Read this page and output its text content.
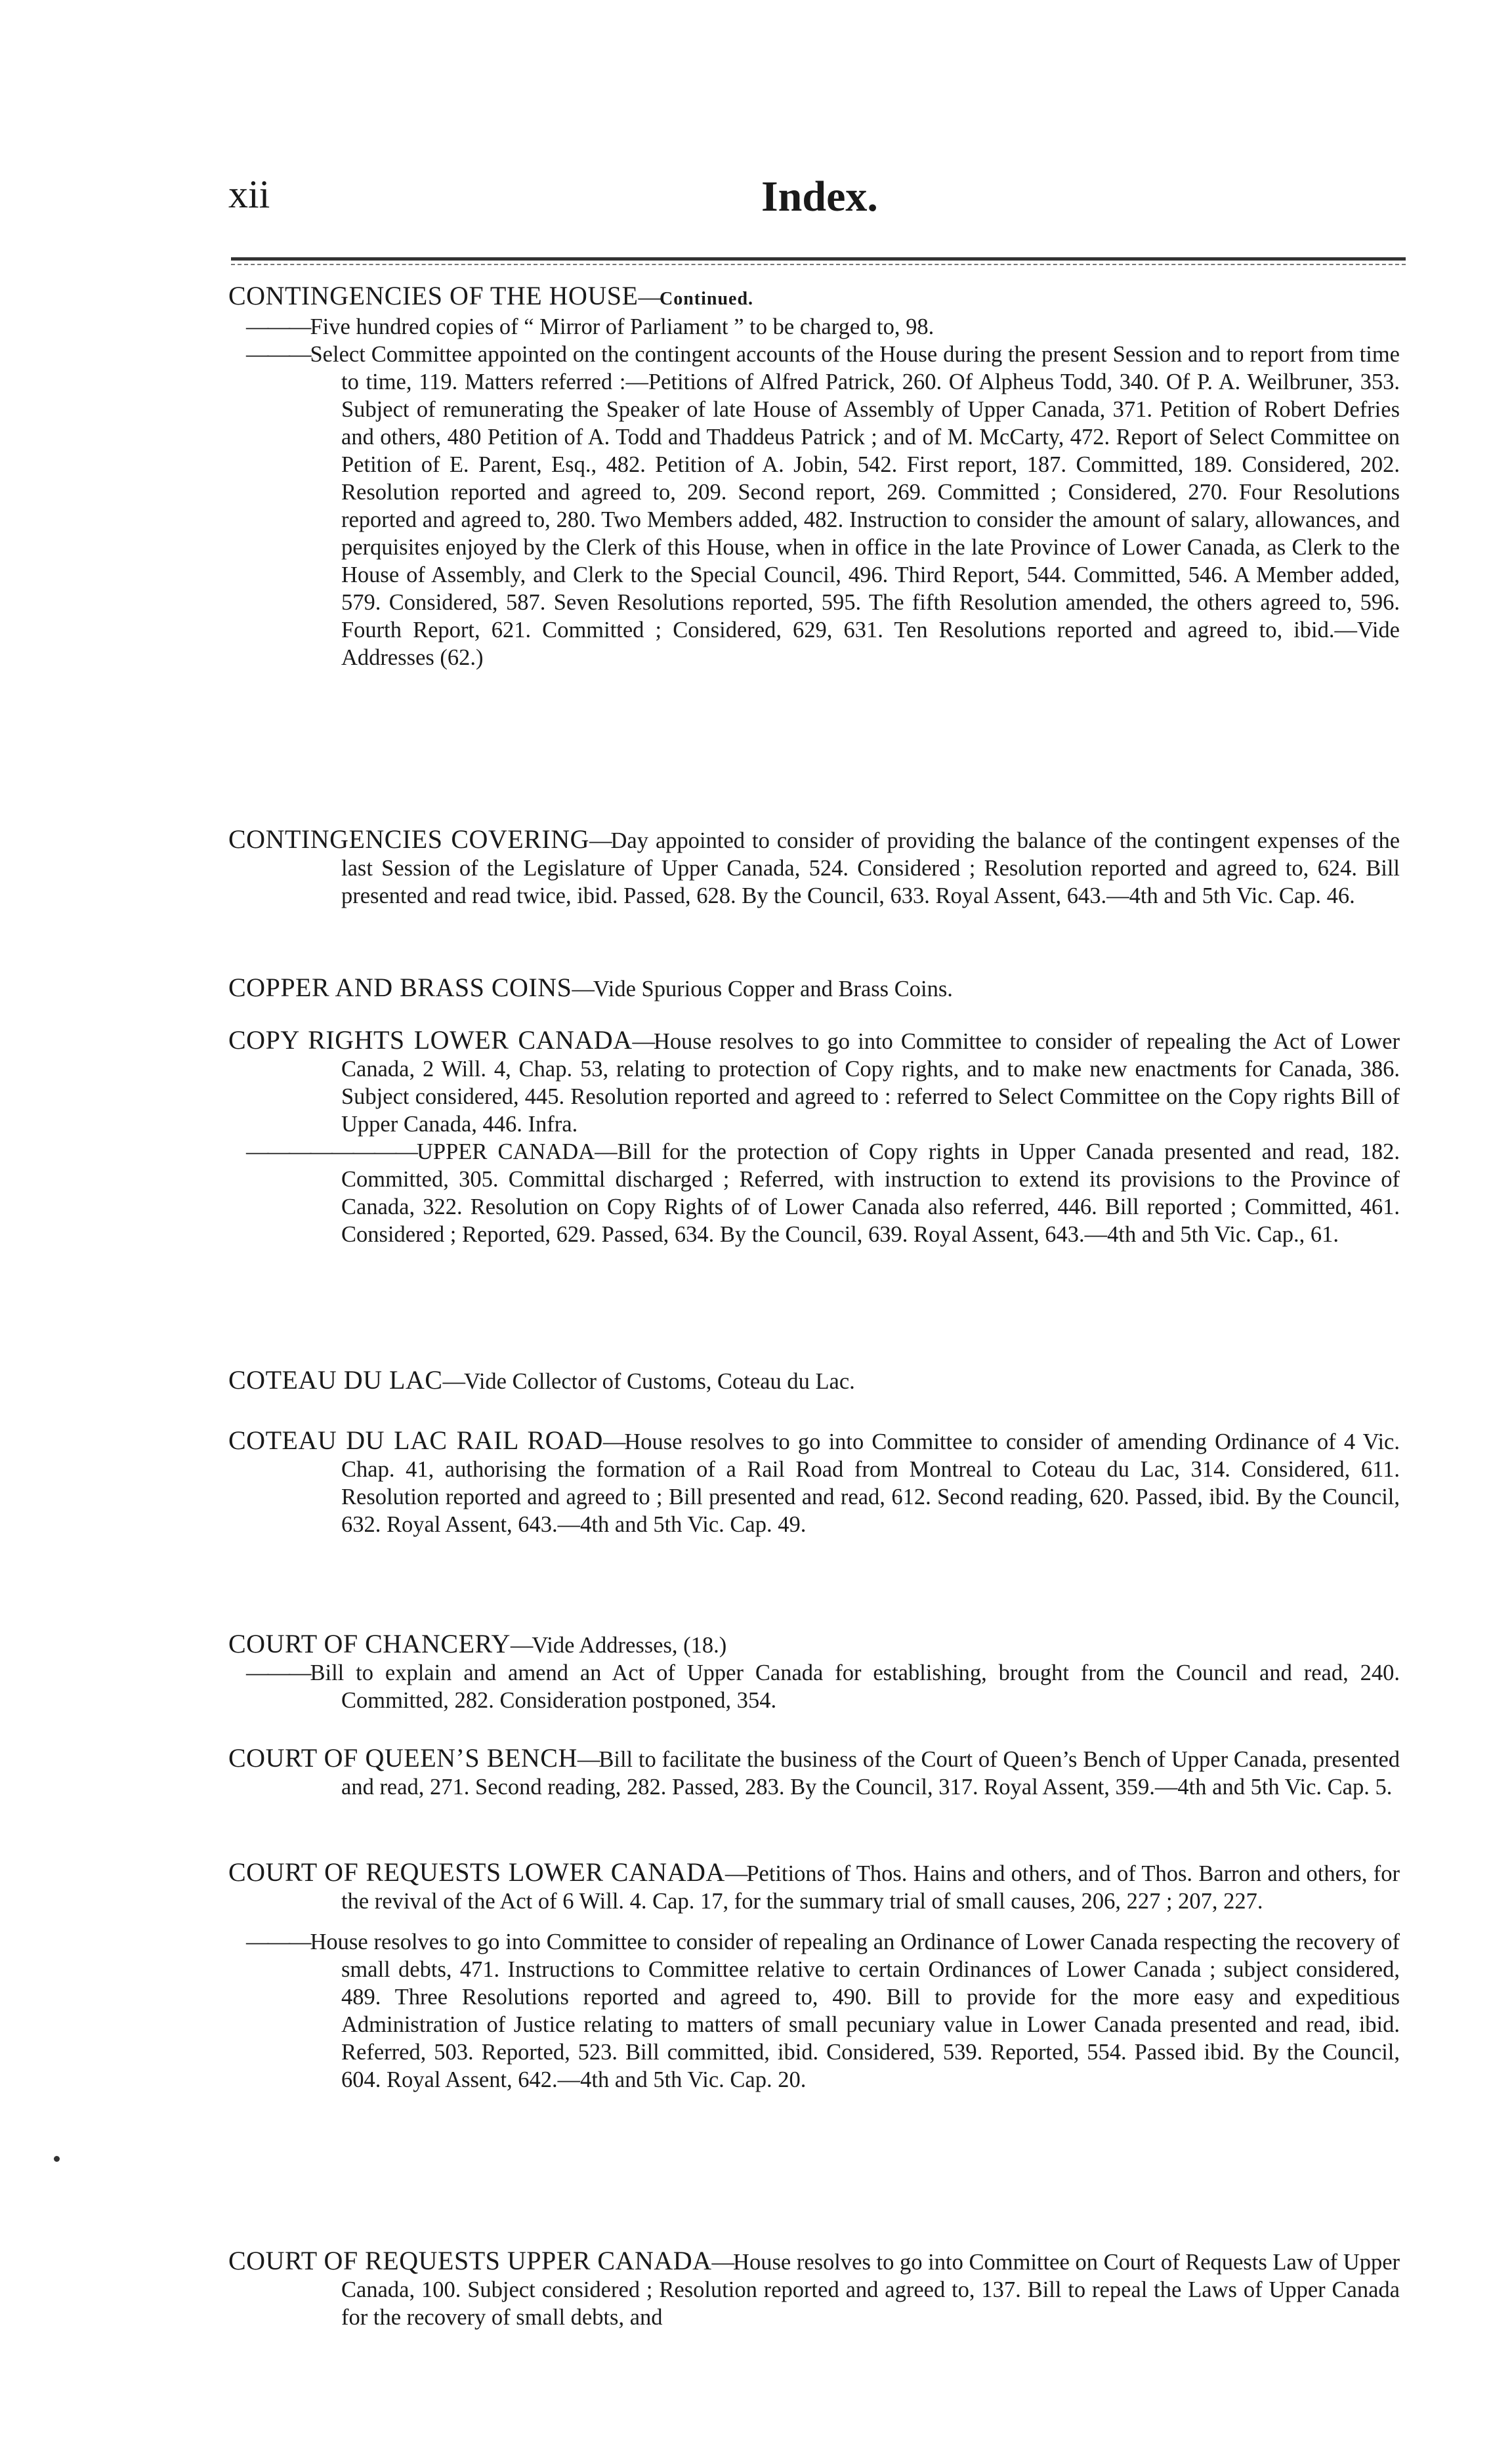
xii	Index.

CONTINGENCIES OF THE HOUSE—Continued.

———Five hundred copies of “ Mirror of Parliament ” to be charged to, 98.

———Select Committee appointed on the contingent accounts of the House during the present Session and to report from time to time, 119. Matters referred :—Petitions of Alfred Patrick, 260. Of Alpheus Todd, 340. Of P. A. Weilbruner, 353. Subject of remunerating the Speaker of late House of Assembly of Upper Canada, 371. Petition of Robert Defries and others, 480 Petition of A. Todd and Thaddeus Patrick ; and of M. McCarty, 472. Report of Select Committee on Petition of E. Parent, Esq., 482. Petition of A. Jobin, 542. First report, 187. Committed, 189. Considered, 202. Resolution reported and agreed to, 209. Second report, 269. Committed ; Considered, 270. Four Resolutions reported and agreed to, 280. Two Members added, 482. Instruction to consider the amount of salary, allowances, and perquisites enjoyed by the Clerk of this House, when in office in the late Province of Lower Canada, as Clerk to the House of Assembly, and Clerk to the Special Council, 496. Third Report, 544. Committed, 546. A Member added, 579. Considered, 587. Seven Resolutions reported, 595. The fifth Resolution amended, the others agreed to, 596. Fourth Report, 621. Committed ; Considered, 629, 631. Ten Resolutions reported and agreed to, ibid.—Vide Addresses (62.)

CONTINGENCIES COVERING—Day appointed to consider of providing the balance of the contingent expenses of the last Session of the Legislature of Upper Canada, 524. Considered ; Resolution reported and agreed to, 624. Bill presented and read twice, ibid. Passed, 628. By the Council, 633. Royal Assent, 643.—4th and 5th Vic. Cap. 46.

COPPER AND BRASS COINS—Vide Spurious Copper and Brass Coins.

COPY RIGHTS LOWER CANADA—House resolves to go into Committee to consider of repealing the Act of Lower Canada, 2 Will. 4, Chap. 53, relating to protection of Copy rights, and to make new enactments for Canada, 386. Subject considered, 445. Resolution reported and agreed to : referred to Select Committee on the Copy rights Bill of Upper Canada, 446. Infra.

————————UPPER CANADA—Bill for the protection of Copy rights in Upper Canada presented and read, 182. Committed, 305. Committal discharged ; Referred, with instruction to extend its provisions to the Province of Canada, 322. Resolution on Copy Rights of of Lower Canada also referred, 446. Bill reported ; Committed, 461. Considered ; Reported, 629. Passed, 634. By the Council, 639. Royal Assent, 643.—4th and 5th Vic. Cap., 61.

COTEAU DU LAC—Vide Collector of Customs, Coteau du Lac.

COTEAU DU LAC RAIL ROAD—House resolves to go into Committee to consider of amending Ordinance of 4 Vic. Chap. 41, authorising the formation of a Rail Road from Montreal to Coteau du Lac, 314. Considered, 611. Resolution reported and agreed to ; Bill presented and read, 612. Second reading, 620. Passed, ibid. By the Council, 632. Royal Assent, 643.—4th and 5th Vic. Cap. 49.

COURT OF CHANCERY—Vide Addresses, (18.)

———Bill to explain and amend an Act of Upper Canada for establishing, brought from the Council and read, 240. Committed, 282. Consideration postponed, 354.

COURT OF QUEEN’S BENCH—Bill to facilitate the business of the Court of Queen’s Bench of Upper Canada, presented and read, 271. Second reading, 282. Passed, 283. By the Council, 317. Royal Assent, 359.—4th and 5th Vic. Cap. 5.

COURT OF REQUESTS LOWER CANADA—Petitions of Thos. Hains and others, and of Thos. Barron and others, for the revival of the Act of 6 Will. 4. Cap. 17, for the summary trial of small causes, 206, 227 ; 207, 227.

———House resolves to go into Committee to consider of repealing an Ordinance of Lower Canada respecting the recovery of small debts, 471. Instructions to Committee relative to certain Ordinances of Lower Canada ; subject considered, 489. Three Resolutions reported and agreed to, 490. Bill to provide for the more easy and expeditious Administration of Justice relating to matters of small pecuniary value in Lower Canada presented and read, ibid. Referred, 503. Reported, 523. Bill committed, ibid. Considered, 539. Reported, 554. Passed ibid. By the Council, 604. Royal Assent, 642.—4th and 5th Vic. Cap. 20.

COURT OF REQUESTS UPPER CANADA—House resolves to go into Committee on Court of Requests Law of Upper Canada, 100. Subject considered ; Resolution reported and agreed to, 137. Bill to repeal the Laws of Upper Canada for the recovery of small debts, and
